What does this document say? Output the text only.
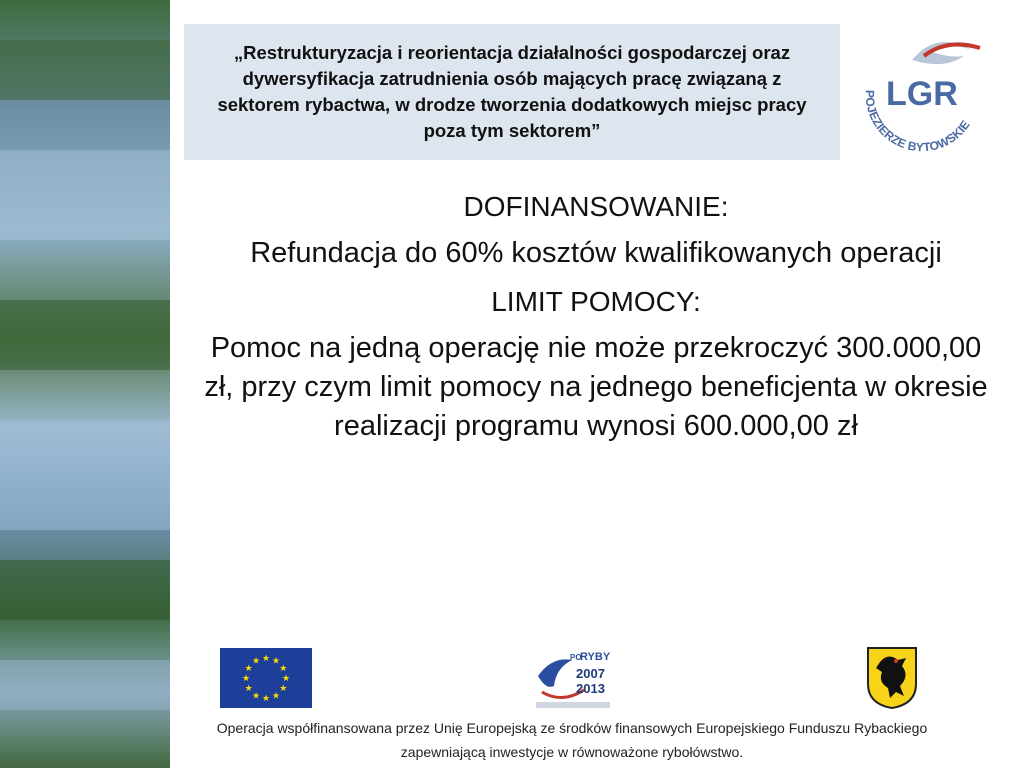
„Restrukturyzacja i reorientacja działalności gospodarczej oraz dywersyfikacja zatrudnienia osób mających pracę związaną z sektorem rybactwa, w drodze tworzenia dodatkowych miejsc pracy poza tym sektorem”

LGR
POJEZIERZE BYTOWSKIE

DOFINANSOWANIE:

Refundacja do 60% kosztów kwalifikowanych operacji

LIMIT POMOCY:

Pomoc na jedną operację nie może przekroczyć 300.000,00 zł, przy czym limit pomocy na jednego beneficjenta w okresie realizacji programu wynosi 600.000,00 zł

★ ★
★
★
★
★
★
★
★
★
★
★	PO
RYBY
2007
2013

Operacja współfinansowana przez Unię Europejską ze środków finansowych Europejskiego Funduszu Rybackiego zapewniającą inwestycje w równoważone rybołówstwo.
